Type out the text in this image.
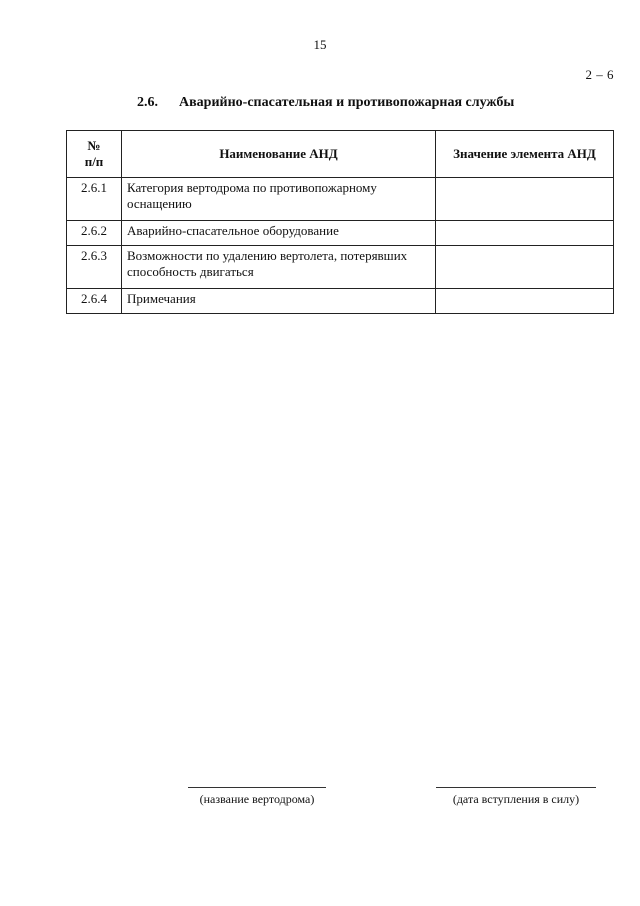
15
2 – 6
2.6. Аварийно-спасательная и противопожарная службы
№
п/п	Наименование АНД	Значение элемента АНД
2.6.1	Категория вертодрома по противопожарному оснащению	
2.6.2	Аварийно-спасательное оборудование	
2.6.3	Возможности по удалению вертолета, потерявших способность двигаться	
2.6.4	Примечания	
(название вертодрома)	(дата вступления в силу)
